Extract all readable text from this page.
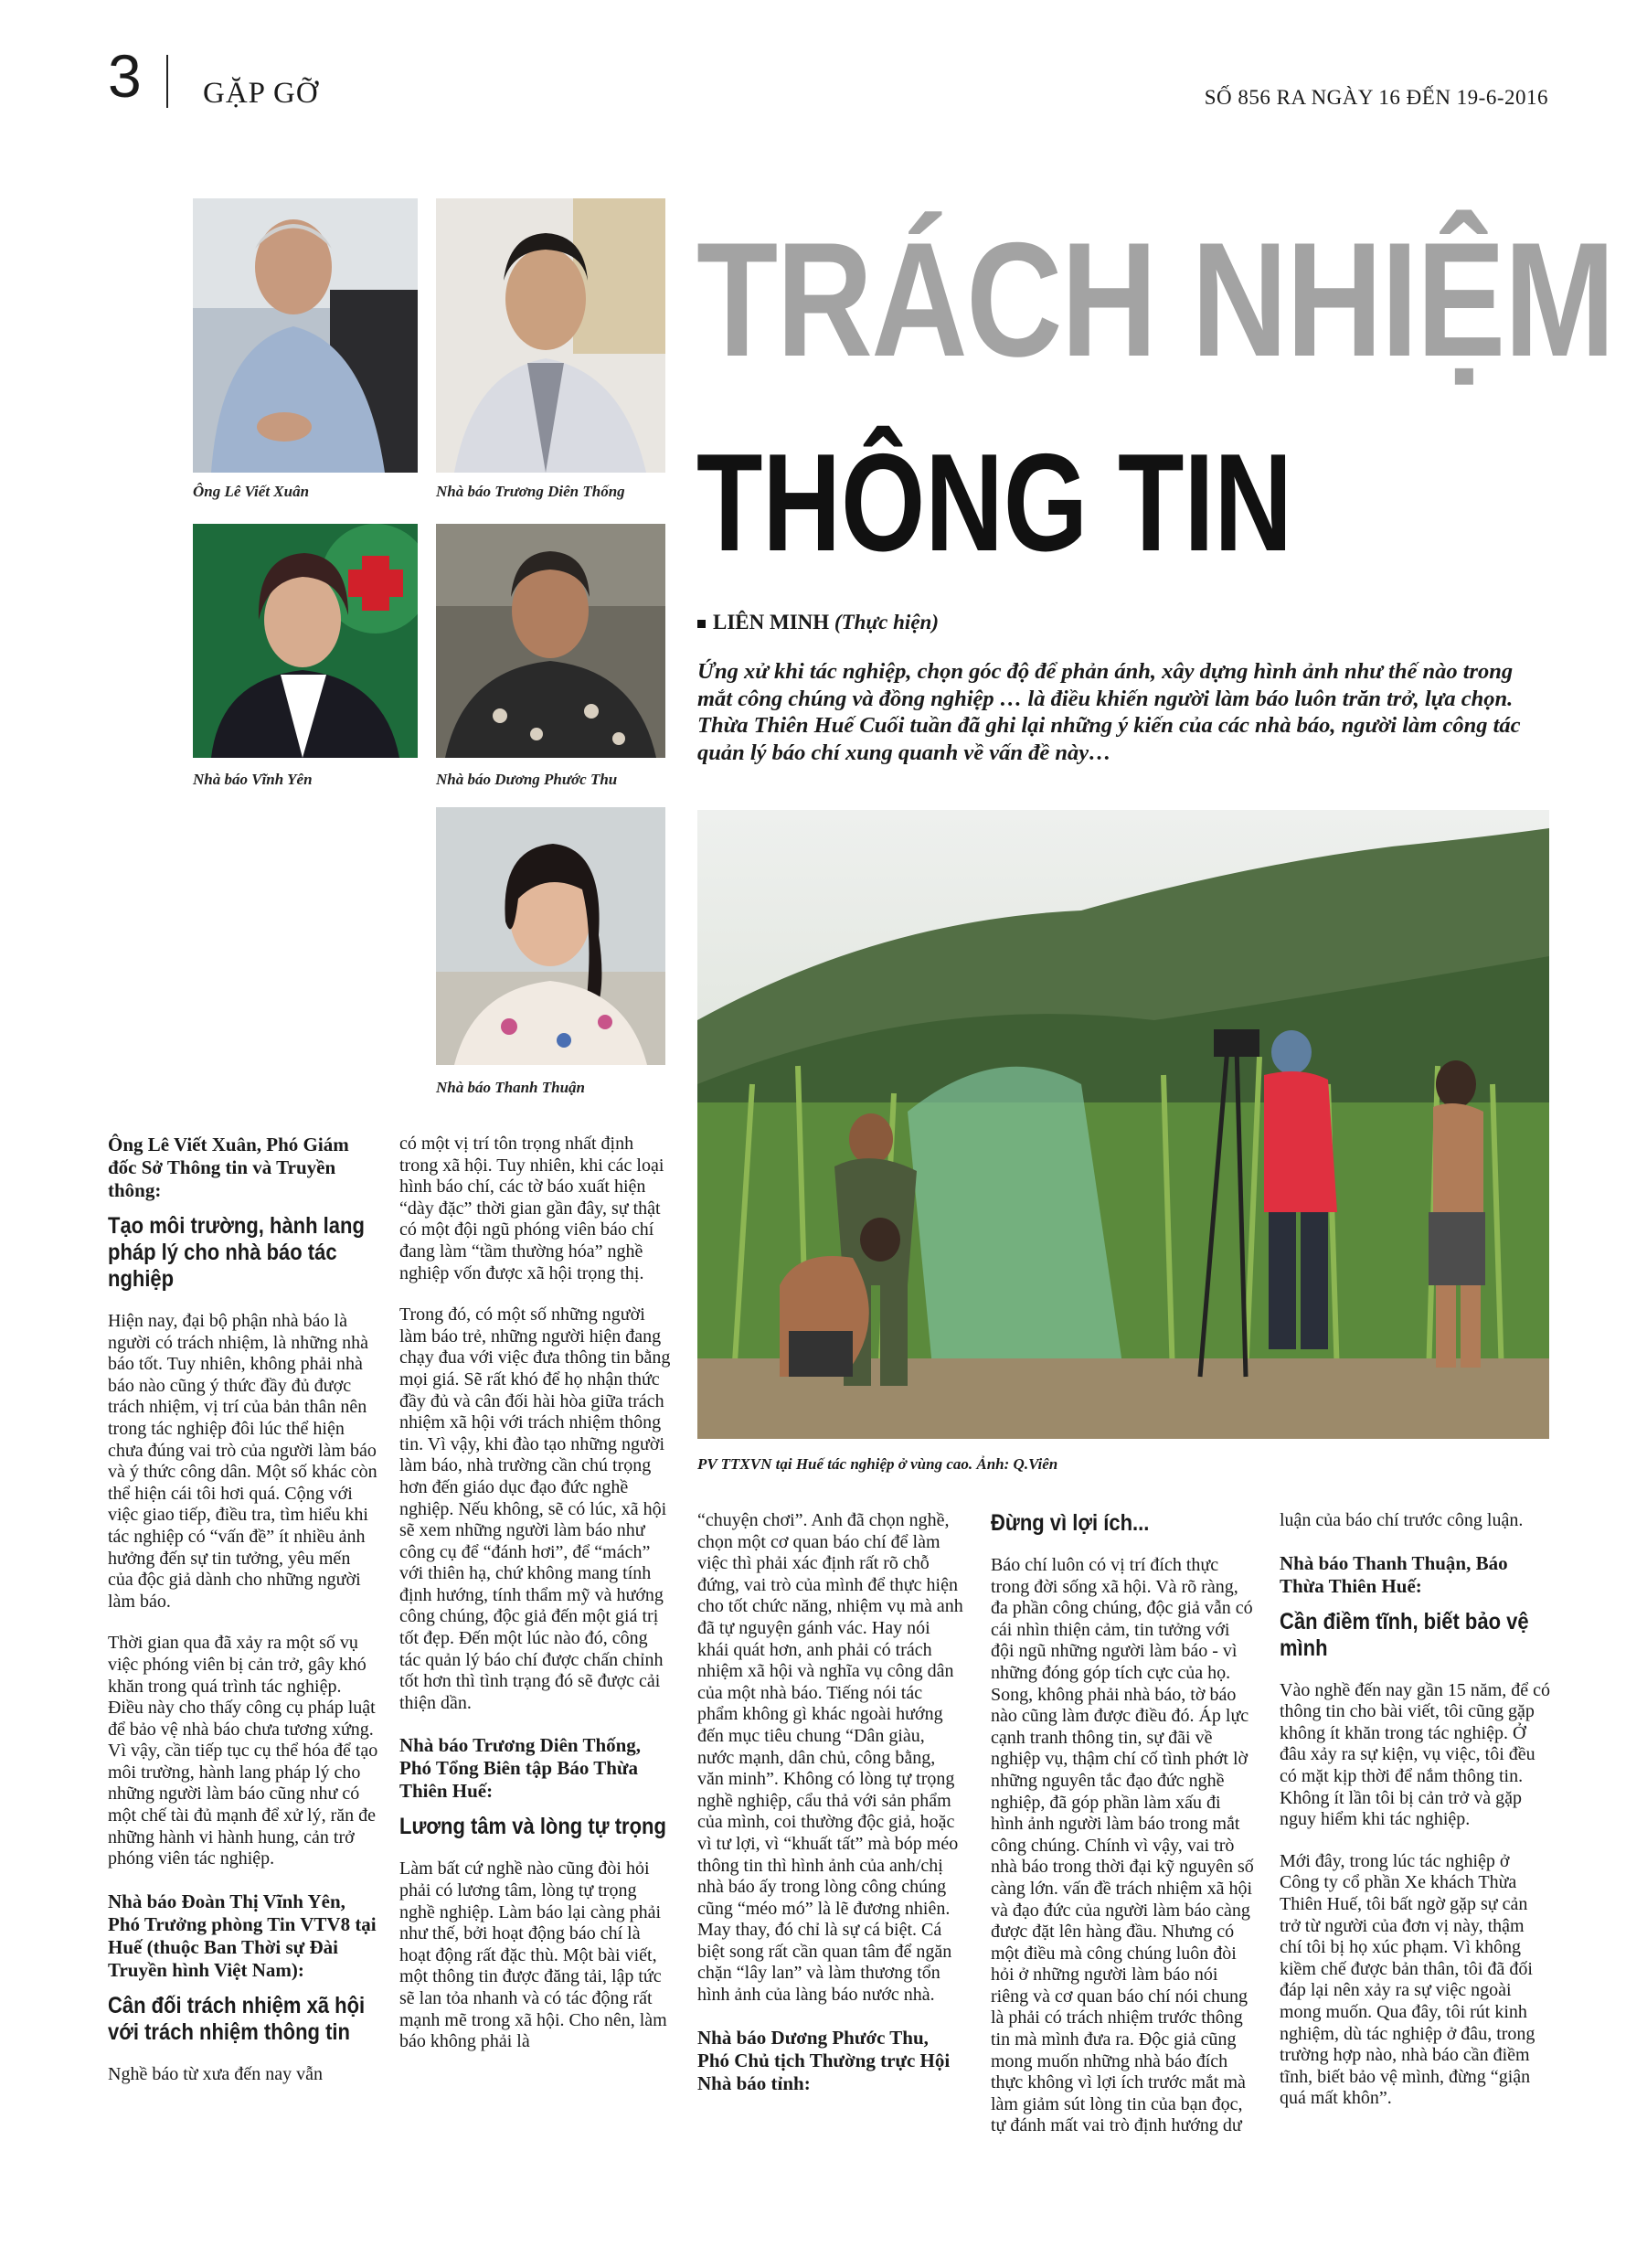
3 GẶP GỠ	SỐ 856 RA NGÀY 16 ĐẾN 19-6-2016
TRÁCH NHIỆM
THÔNG TIN
LIÊN MINH (Thực hiện)
Ứng xử khi tác nghiệp, chọn góc độ để phản ánh, xây dựng hình ảnh như thế nào trong mắt công chúng và đồng nghiệp … là điều khiến người làm báo luôn trăn trở, lựa chọn. Thừa Thiên Huế Cuối tuần đã ghi lại những ý kiến của các nhà báo, người làm công tác quản lý báo chí xung quanh về vấn đề này…
Ông Lê Viết Xuân	Nhà báo Trương Diên Thống
Nhà báo Vĩnh Yên	Nhà báo Dương Phước Thu
Nhà báo Thanh Thuận
PV TTXVN tại Huế tác nghiệp ở vùng cao. Ảnh: Q.Viên
Ông Lê Viết Xuân, Phó Giám đốc Sở Thông tin và Truyền thông:
Tạo môi trường, hành lang pháp lý cho nhà báo tác nghiệp

Hiện nay, đại bộ phận nhà báo là người có trách nhiệm, là những nhà báo tốt. Tuy nhiên, không phải nhà báo nào cũng ý thức đầy đủ được trách nhiệm, vị trí của bản thân nên trong tác nghiệp đôi lúc thể hiện chưa đúng vai trò của người làm báo và ý thức công dân. Một số khác còn thể hiện cái tôi hơi quá. Cộng với việc giao tiếp, điều tra, tìm hiểu khi tác nghiệp có “vấn đề” ít nhiều ảnh hưởng đến sự tin tưởng, yêu mến của độc giả dành cho những người làm báo.

Thời gian qua đã xảy ra một số vụ việc phóng viên bị cản trở, gây khó khăn trong quá trình tác nghiệp. Điều này cho thấy công cụ pháp luật để bảo vệ nhà báo chưa tương xứng. Vì vậy, cần tiếp tục cụ thể hóa để tạo môi trường, hành lang pháp lý cho những người làm báo cũng như có một chế tài đủ mạnh để xử lý, răn đe những hành vi hành hung, cản trở phóng viên tác nghiệp.

Nhà báo Đoàn Thị Vĩnh Yên, Phó Trưởng phòng Tin VTV8 tại Huế (thuộc Ban Thời sự Đài Truyền hình Việt Nam):
Cân đối trách nhiệm xã hội với trách nhiệm thông tin

Nghề báo từ xưa đến nay vẫn

có một vị trí tôn trọng nhất định trong xã hội. Tuy nhiên, khi các loại hình báo chí, các tờ báo xuất hiện “dày đặc” thời gian gần đây, sự thật có một đội ngũ phóng viên báo chí đang làm “tầm thường hóa” nghề nghiệp vốn được xã hội trọng thị.

Trong đó, có một số những người làm báo trẻ, những người hiện đang chạy đua với việc đưa thông tin bằng mọi giá. Sẽ rất khó để họ nhận thức đầy đủ và cân đối hài hòa giữa trách nhiệm xã hội với trách nhiệm thông tin. Vì vậy, khi đào tạo những người làm báo, nhà trường cần chú trọng hơn đến giáo dục đạo đức nghề nghiệp. Nếu không, sẽ có lúc, xã hội sẽ xem những người làm báo như công cụ để “đánh hơi”, để “mách” với thiên hạ, chứ không mang tính định hướng, tính thẩm mỹ và hướng công chúng, độc giả đến một giá trị tốt đẹp. Đến một lúc nào đó, công tác quản lý báo chí được chấn chỉnh tốt hơn thì tình trạng đó sẽ được cải thiện dần.

Nhà báo Trương Diên Thống, Phó Tổng Biên tập Báo Thừa Thiên Huế:
Lương tâm và lòng tự trọng

Làm bất cứ nghề nào cũng đòi hỏi phải có lương tâm, lòng tự trọng nghề nghiệp. Làm báo lại càng phải như thế, bởi hoạt động báo chí là hoạt động rất đặc thù. Một bài viết, một thông tin được đăng tải, lập tức sẽ lan tỏa nhanh và có tác động rất mạnh mẽ trong xã hội. Cho nên, làm báo không phải là

“chuyện chơi”. Anh đã chọn nghề, chọn một cơ quan báo chí để làm việc thì phải xác định rất rõ chỗ đứng, vai trò của mình để thực hiện cho tốt chức năng, nhiệm vụ mà anh đã tự nguyện gánh vác. Hay nói khái quát hơn, anh phải có trách nhiệm xã hội và nghĩa vụ công dân của một nhà báo. Tiếng nói tác phẩm không gì khác ngoài hướng đến mục tiêu chung “Dân giàu, nước mạnh, dân chủ, công bằng, văn minh”. Không có lòng tự trọng nghề nghiệp, cẩu thả với sản phẩm của mình, coi thường độc giả, hoặc vì tư lợi, vì “khuất tất” mà bóp méo thông tin thì hình ảnh của anh/chị nhà báo ấy trong lòng công chúng cũng “méo mó” là lẽ đương nhiên. May thay, đó chỉ là sự cá biệt. Cá biệt song rất cần quan tâm để ngăn chặn “lây lan” và làm thương tổn hình ảnh của làng báo nước nhà.

Nhà báo Dương Phước Thu, Phó Chủ tịch Thường trực Hội Nhà báo tỉnh:
Đừng vì lợi ích...

Báo chí luôn có vị trí đích thực trong đời sống xã hội. Và rõ ràng, đa phần công chúng, độc giả vẫn có cái nhìn thiện cảm, tin tưởng với đội ngũ những người làm báo - vì những đóng góp tích cực của họ. Song, không phải nhà báo, tờ báo nào cũng làm được điều đó. Áp lực cạnh tranh thông tin, sự đãi về nghiệp vụ, thậm chí cố tình phớt lờ những nguyên tắc đạo đức nghề nghiệp, đã góp phần làm xấu đi hình ảnh người làm báo trong mắt công chúng. Chính vì vậy, vai trò nhà báo trong thời đại kỹ nguyên số càng lớn. vấn đề trách nhiệm xã hội và đạo đức của người làm báo càng được đặt lên hàng đầu. Nhưng có một điều mà công chúng luôn đòi hỏi ở những người làm báo nói riêng và cơ quan báo chí nói chung là phải có trách nhiệm trước thông tin mà mình đưa ra. Độc giả cũng mong muốn những nhà báo đích thực không vì lợi ích trước mắt mà làm giảm sút lòng tin của bạn đọc, tự đánh mất vai trò định hướng dư

luận của báo chí trước công luận.

Nhà báo Thanh Thuận, Báo Thừa Thiên Huế:
Cần điềm tĩnh, biết bảo vệ mình

Vào nghề đến nay gần 15 năm, để có thông tin cho bài viết, tôi cũng gặp không ít khăn trong tác nghiệp. Ở đâu xảy ra sự kiện, vụ việc, tôi đều có mặt kịp thời để nắm thông tin. Không ít lần tôi bị cản trở và gặp nguy hiểm khi tác nghiệp.

Mới đây, trong lúc tác nghiệp ở Công ty cổ phần Xe khách Thừa Thiên Huế, tôi bất ngờ gặp sự cản trở từ người của đơn vị này, thậm chí tôi bị họ xúc phạm. Vì không kiềm chế được bản thân, tôi đã đối đáp lại nên xảy ra sự việc ngoài mong muốn. Qua đây, tôi rút kinh nghiệm, dù tác nghiệp ở đâu, trong trường hợp nào, nhà báo cần điềm tĩnh, biết bảo vệ mình, đừng “giận quá mất khôn”.
